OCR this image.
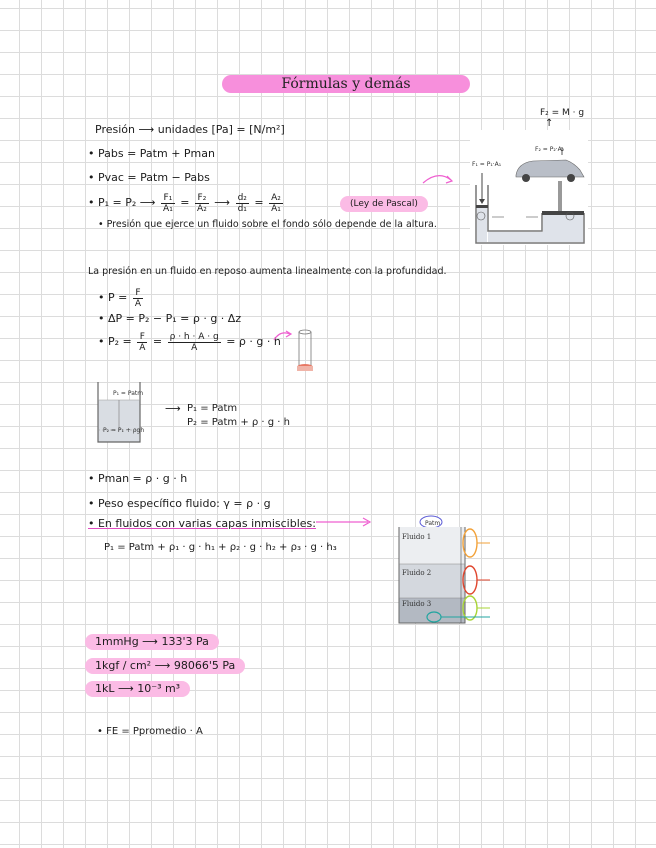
Fórmulas y demás
F₂ = M · g
↑
Presión ⟶ unidades [Pa] = [N/m²]
• Pabs = Patm + Pman
• Pvac = Patm − Pabs
• P₁ = P₂ ⟶ $\frac{\text{F₁}}{\text{A₁}} = \frac{\text{F₂}}{\text{A₂}}$ ⟶ $\frac{\text{d₂}}{\text{d₁}} = \frac{\text{A₂}}{\text{A₁}}$	(Ley de Pascal)
• Presión que ejerce un fluido sobre el fondo sólo depende de la altura.
F₁ = P₁·A₁
F₂ = P₂·A₂
La presión en un fluido en reposo aumenta linealmente con la profundidad.
• $P = \frac{F}{A}$
• ΔP = P₂ − P₁ = ρ · g · Δz
• $P_2 = \frac{F}{A} = \frac{\rho \cdot h \cdot A \cdot g}{A} = \rho \cdot g \cdot h$
P₁ = Patm
P₂ = P₁ + ρgh
⟶ P₁ = Patm
P₂ = Patm + ρ · g · h
• Pman = ρ · g · h
• Peso específico fluido: γ = ρ · g
• En fluidos con varias capas inmiscibles:
P₁ = Patm + ρ₁ · g · h₁ + ρ₂ · g · h₂ + ρ₃ · g · h₃
Patm
Fluido 1
Fluido 2
Fluido 3
1mmHg ⟶ 133'3 Pa
1kgf / cm² ⟶ 98066'5 Pa
1kL ⟶ 10⁻³ m³
• FE = Ppromedio · A
